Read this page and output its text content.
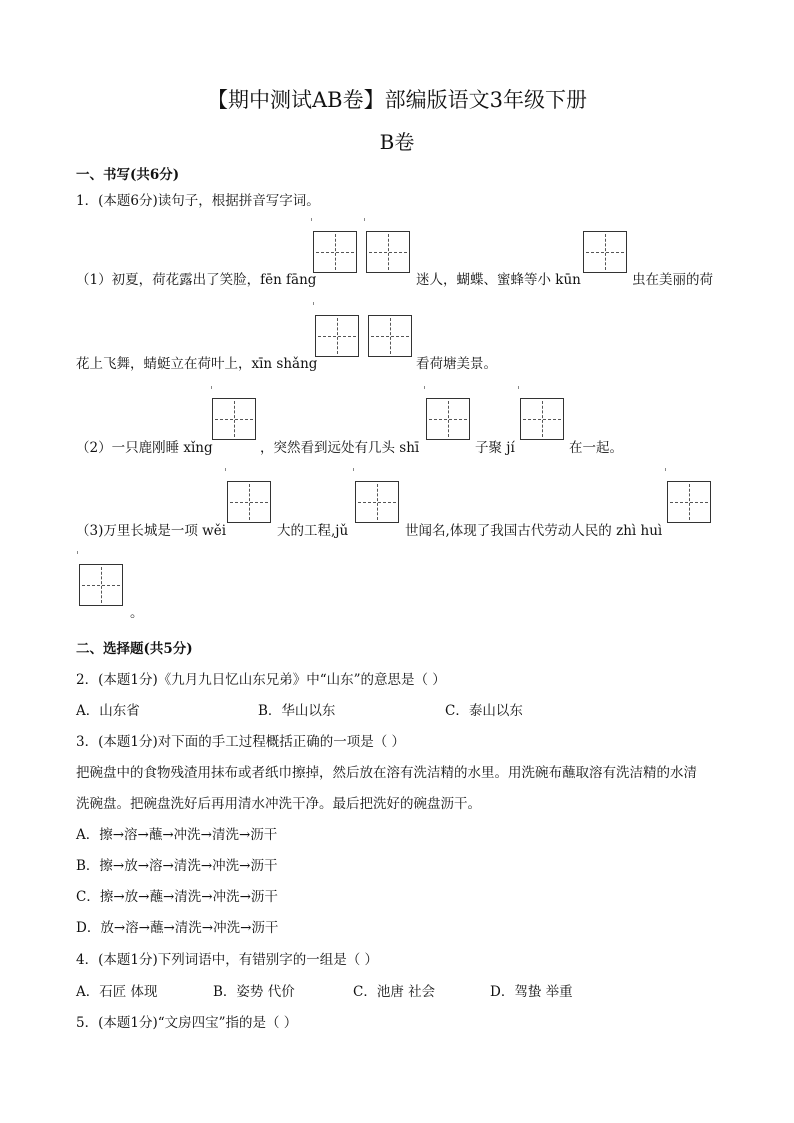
【期中测试AB卷】部编版语文3年级下册
B卷
一、书写(共6分)
1．(本题6分)读句子，根据拼音写字词。
（1）初夏，荷花露出了笑脸，fēn fāng	迷人，蝴蝶、蜜蜂等小 kūn	虫在美丽的荷
花上飞舞，蜻蜓立在荷叶上，xīn shǎng	看荷塘美景。
（2）一只鹿刚睡 xǐng	，突然看到远处有几头 shī	子聚 jí	在一起。
（3)万里长城是一项 wěi	大的工程,jǔ	世闻名,体现了我国古代劳动人民的 zhì huì
。
二、选择题(共5分)
2．(本题1分)《九月九日忆山东兄弟》中“山东”的意思是（ ）
A．山东省	B．华山以东	C．泰山以东
3．(本题1分)对下面的手工过程概括正确的一项是（ ）
把碗盘中的食物残渣用抹布或者纸巾擦掉，然后放在溶有洗洁精的水里。用洗碗布蘸取溶有洗洁精的水清
洗碗盘。把碗盘洗好后再用清水冲洗干净。最后把洗好的碗盘沥干。
A．擦→溶→蘸→冲洗→清洗→沥干
B．擦→放→溶→清洗→冲洗→沥干
C．擦→放→蘸→清洗→冲洗→沥干
D．放→溶→蘸→清洗→冲洗→沥干
4．(本题1分)下列词语中，有错别字的一组是（ ）
A．石匠 体现	B．姿势 代价	C．池唐 社会	D．驾蛰 举重
5．(本题1分)“文房四宝”指的是（ ）
